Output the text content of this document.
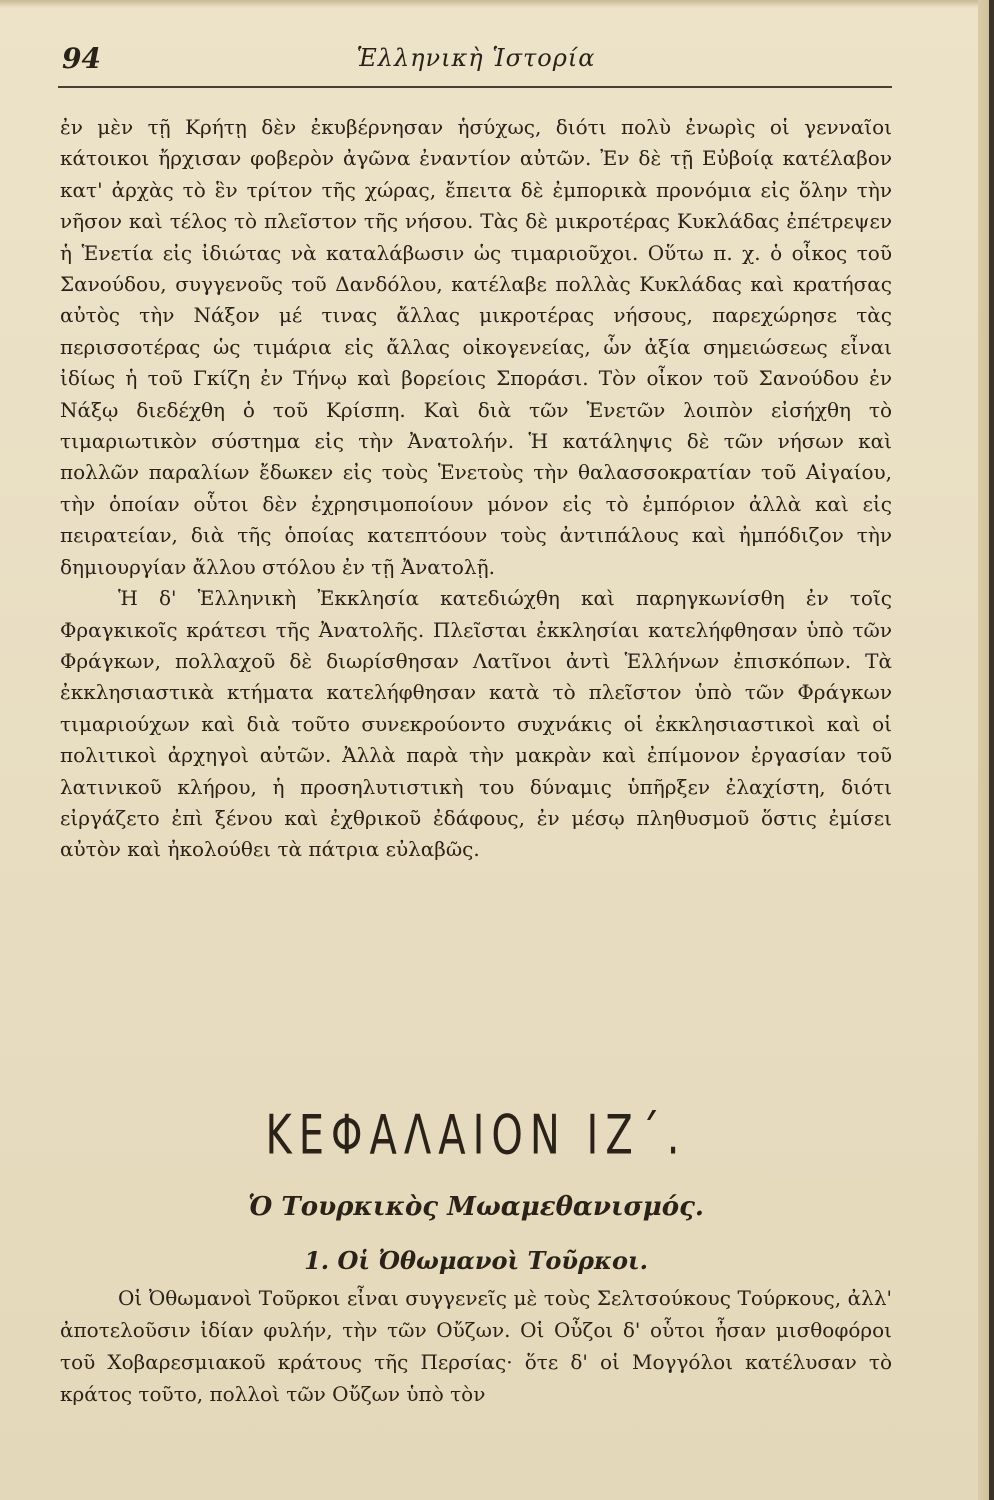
94	Ἑλληνικὴ Ἱστορία

ἐν μὲν τῇ Κρήτῃ δὲν ἐκυβέρνησαν ἡσύχως, διότι πολὺ ἐνωρὶς οἱ γενναῖοι κάτοικοι ἤρχισαν φοβερὸν ἀγῶνα ἐναντίον αὐτῶν. Ἐν δὲ τῇ Εὐβοίᾳ κατέλαβον κατ' ἀρχὰς τὸ ἓν τρίτον τῆς χώρας, ἔπειτα δὲ ἐμπορικὰ προνόμια εἰς ὅλην τὴν νῆσον καὶ τέλος τὸ πλεῖστον τῆς νήσου. Τὰς δὲ μικροτέρας Κυκλάδας ἐπέτρεψεν ἡ Ἑνετία εἰς ἰδιώτας νὰ καταλάβωσιν ὡς τιμαριοῦχοι. Οὕτω π. χ. ὁ οἶκος τοῦ Σανούδου, συγγενοῦς τοῦ Δανδόλου, κατέλαβε πολλὰς Κυκλάδας καὶ κρατήσας αὐτὸς τὴν Νάξον μέ τινας ἄλλας μικροτέρας νήσους, παρεχώρησε τὰς περισσοτέρας ὡς τιμάρια εἰς ἄλλας οἰκογενείας, ὧν ἀξία σημειώσεως εἶναι ἰδίως ἡ τοῦ Γκίζη ἐν Τήνῳ καὶ βορείοις Σποράσι. Τὸν οἶκον τοῦ Σανούδου ἐν Νάξῳ διεδέχθη ὁ τοῦ Κρίσπη. Καὶ διὰ τῶν Ἑνετῶν λοιπὸν εἰσήχθη τὸ τιμαριωτικὸν σύστημα εἰς τὴν Ἀνατολήν. Ἡ κατάληψις δὲ τῶν νήσων καὶ πολλῶν παραλίων ἔδωκεν εἰς τοὺς Ἑνετοὺς τὴν θαλασσοκρατίαν τοῦ Αἰγαίου, τὴν ὁποίαν οὗτοι δὲν ἐχρησιμοποίουν μόνον εἰς τὸ ἐμπόριον ἀλλὰ καὶ εἰς πειρατείαν, διὰ τῆς ὁποίας κατεπτόουν τοὺς ἀντιπάλους καὶ ἠμπόδιζον τὴν δημιουργίαν ἄλλου στόλου ἐν τῇ Ἀνατολῇ.

Ἡ δ' Ἑλληνικὴ Ἐκκλησία κατεδιώχθη καὶ παρηγκωνίσθη ἐν τοῖς Φραγκικοῖς κράτεσι τῆς Ἀνατολῆς. Πλεῖσται ἐκκλησίαι κατελήφθησαν ὑπὸ τῶν Φράγκων, πολλαχοῦ δὲ διωρίσθησαν Λατῖνοι ἀντὶ Ἑλλήνων ἐπισκόπων. Τὰ ἐκκλησιαστικὰ κτήματα κατελήφθησαν κατὰ τὸ πλεῖστον ὑπὸ τῶν Φράγκων τιμαριούχων καὶ διὰ τοῦτο συνεκρούοντο συχνάκις οἱ ἐκκλησιαστικοὶ καὶ οἱ πολιτικοὶ ἀρχηγοὶ αὐτῶν. Ἀλλὰ παρὰ τὴν μακρὰν καὶ ἐπίμονον ἐργασίαν τοῦ λατινικοῦ κλήρου, ἡ προσηλυτιστικὴ του δύναμις ὑπῆρξεν ἐλαχίστη, διότι εἰργάζετο ἐπὶ ξένου καὶ ἐχθρικοῦ ἐδάφους, ἐν μέσῳ πληθυσμοῦ ὅστις ἐμίσει αὐτὸν καὶ ἠκολούθει τὰ πάτρια εὐλαβῶς.

ΚΕΦΑΛΑΙΟΝ ΙΖ΄.
Ὁ Τουρκικὸς Μωαμεθανισμός.
1. Οἱ Ὀθωμανοὶ Τοῦρκοι.

Οἱ Ὀθωμανοὶ Τοῦρκοι εἶναι συγγενεῖς μὲ τοὺς Σελτσούκους Τούρκους, ἀλλ' ἀποτελοῦσιν ἰδίαν φυλήν, τὴν τῶν Οὔζων. Οἱ Οὖζοι δ' οὗτοι ἦσαν μισθοφόροι τοῦ Χοβαρεσμιακοῦ κράτους τῆς Περσίας· ὅτε δ' οἱ Μογγόλοι κατέλυσαν τὸ κράτος τοῦτο, πολλοὶ τῶν Οὔζων ὑπὸ τὸν
